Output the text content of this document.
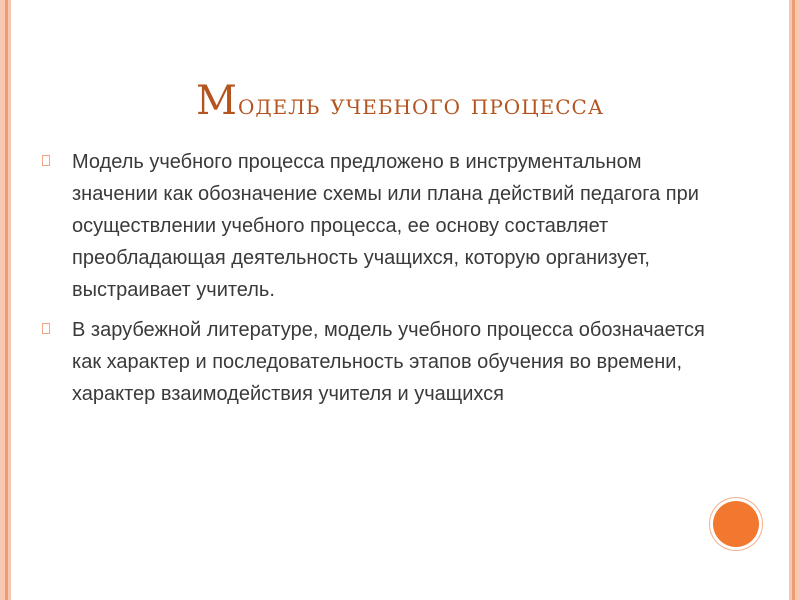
Модель учебного процесса
Модель учебного процесса предложено в инструментальном значении как обозначение схемы или плана действий педагога при осуществлении учебного процесса, ее основу составляет преобладающая деятельность учащихся, которую организует, выстраивает учитель.
В зарубежной литературе, модель учебного процесса обозначается как характер и последовательность этапов обучения во времени, характер взаимодействия учителя и учащихся
